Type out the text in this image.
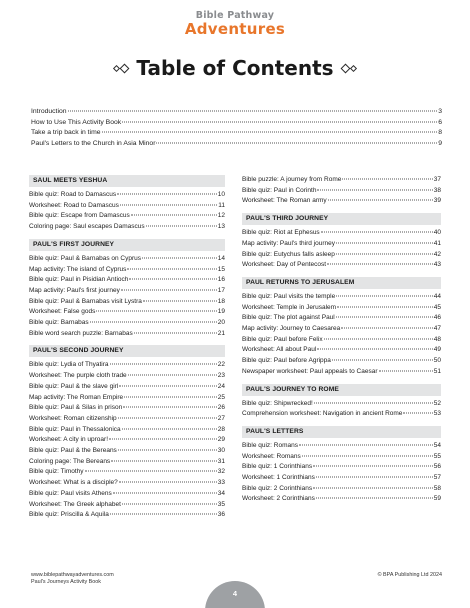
Bible Pathway
Adventures
Table of Contents
Introduction	3
How to Use This Activity Book	6
Take a trip back in time	8
Paul's Letters to the Church in Asia Minor	9
SAUL MEETS YESHUA
Bible quiz: Road to Damascus	10
Worksheet: Road to Damascus	11
Bible quiz: Escape from Damascus	12
Coloring page: Saul escapes Damascus	13
PAUL'S FIRST JOURNEY
Bible quiz: Paul & Barnabas on Cyprus	14
Map activity: The island of Cyprus	15
Bible quiz: Paul in Pisidian Antioch	16
Map activity: Paul's first journey	17
Bible quiz: Paul & Barnabas visit Lystra	18
Worksheet: False gods	19
Bible quiz: Barnabas	20
Bible word search puzzle: Barnabas	21
PAUL'S SECOND JOURNEY
Bible quiz: Lydia of Thyatira	22
Worksheet: The purple cloth trade	23
Bible quiz: Paul & the slave girl	24
Map activity: The Roman Empire	25
Bible quiz: Paul & Silas in prison	26
Worksheet: Roman citizenship	27
Bible quiz: Paul in Thessalonica	28
Worksheet: A city in uproar!	29
Bible quiz: Paul & the Bereans	30
Coloring page: The Bereans	31
Bible quiz: Timothy	32
Worksheet: What is a disciple?	33
Bible quiz: Paul visits Athens	34
Worksheet: The Greek alphabet	35
Bible quiz: Priscilla & Aquila	36
Bible puzzle: A journey from Rome	37
Bible quiz: Paul in Corinth	38
Worksheet: The Roman army	39
PAUL'S THIRD JOURNEY
Bible quiz: Riot at Ephesus	40
Map activity: Paul's third journey	41
Bible quiz: Eutychus falls asleep	42
Worksheet: Day of Pentecost	43
PAUL RETURNS TO JERUSALEM
Bible quiz: Paul visits the temple	44
Worksheet: Temple in Jerusalem	45
Bible quiz: The plot against Paul	46
Map activity: Journey to Caesarea	47
Bible quiz: Paul before Felix	48
Worksheet: All about Paul	49
Bible quiz: Paul before Agrippa	50
Newspaper worksheet: Paul appeals to Caesar	51
PAUL'S JOURNEY TO ROME
Bible quiz: Shipwrecked!	52
Comprehension worksheet: Navigation in ancient Rome	53
PAUL'S LETTERS
Bible quiz: Romans	54
Worksheet: Romans	55
Bible quiz: 1 Corinthians	56
Worksheet: 1 Corinthians	57
Bible quiz: 2 Corinthians	58
Worksheet: 2 Corinthians	59
www.biblepathwayadventures.com
Paul's Journeys Activity Book
© BPA Publishing Ltd 2024
4
